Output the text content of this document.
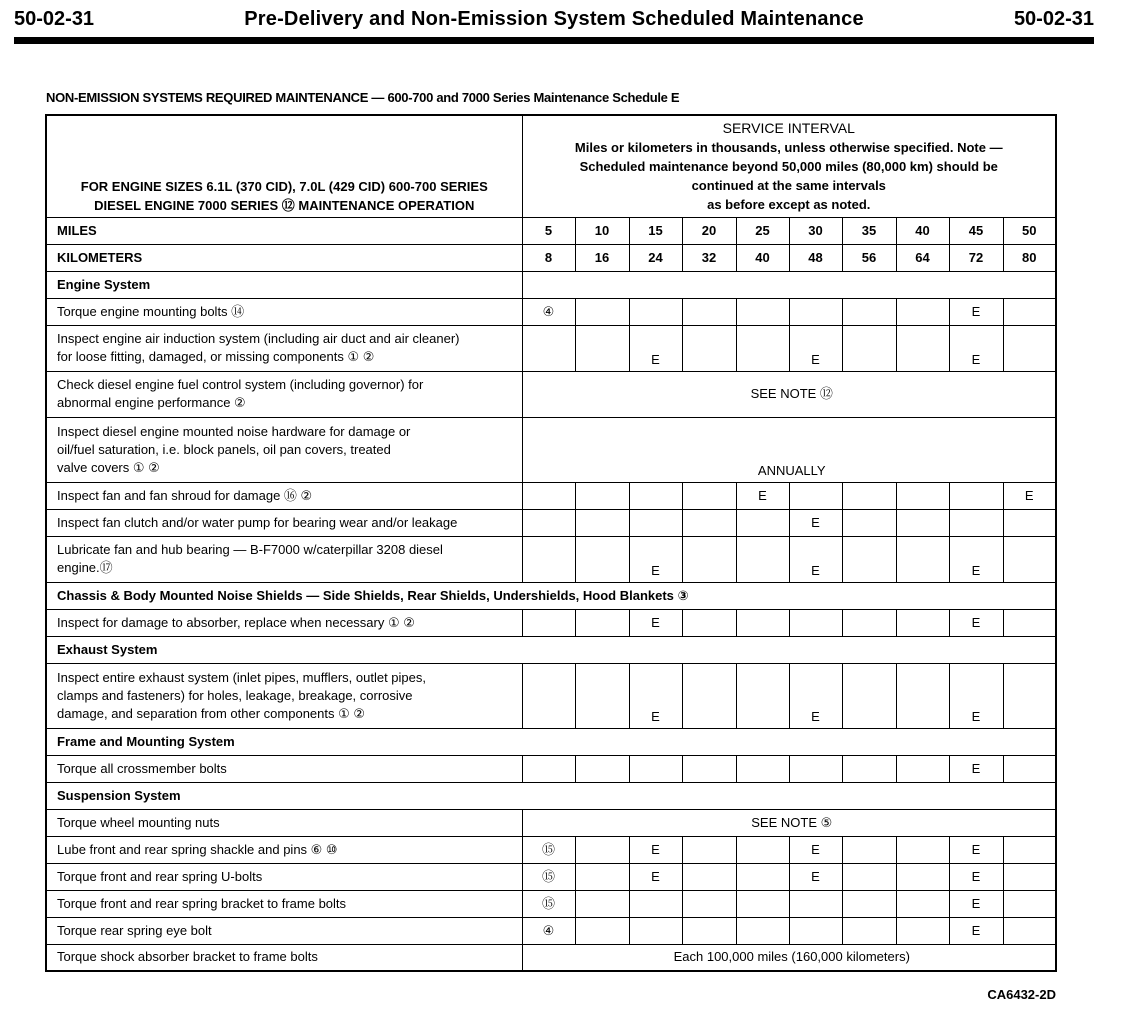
50-02-31	Pre-Delivery and Non-Emission System Scheduled Maintenance	50-02-31
NON-EMISSION SYSTEMS REQUIRED MAINTENANCE — 600-700 and 7000 Series Maintenance Schedule E
FOR ENGINE SIZES 6.1L (370 CID), 7.0L (429 CID) 600-700 SERIES DIESEL ENGINE 7000 SERIES ⑫ MAINTENANCE OPERATION	SERVICE INTERVAL
Miles or kilometers in thousands, unless otherwise specified. Note —
Scheduled maintenance beyond 50,000 miles (80,000 km) should be
continued at the same intervals
as before except as noted.									

MILES	5	10	15	20	25	30	35	40	45	50
KILOMETERS	8	16	24	32	40	48	56	64	72	80
Engine System										
Torque engine mounting bolts ⑭	④								E	

Inspect engine air induction system (including air duct and air cleaner)
for loose fitting, damaged, or missing components ① ②			E			E			E	

Check diesel engine fuel control system (including governor) for
abnormal engine performance ②	SEE NOTE ⑫									

Inspect diesel engine mounted noise hardware for damage or
oil/fuel saturation, i.e. block panels, oil pan covers, treated
valve covers ① ②	ANNUALLY									
Inspect fan and fan shroud for damage ⑯ ②					E					E
Inspect fan clutch and/or water pump for bearing wear and/or leakage						E				

Lubricate fan and hub bearing — B-F7000 w/caterpillar 3208 diesel
engine.⑰			E			E			E	
Chassis & Body Mounted Noise Shields — Side Shields, Rear Shields, Undershields, Hood Blankets ③										
Inspect for damage to absorber, replace when necessary ① ②			E						E	
Exhaust System										

Inspect entire exhaust system (inlet pipes, mufflers, outlet pipes,
clamps and fasteners) for holes, leakage, breakage, corrosive
damage, and separation from other components ① ②			E			E			E	
Frame and Mounting System										
Torque all crossmember bolts									E	
Suspension System										
Torque wheel mounting nuts	SEE NOTE ⑤									
Lube front and rear spring shackle and pins ⑥ ⑩	⑮		E			E			E	
Torque front and rear spring U-bolts	⑮		E			E			E	
Torque front and rear spring bracket to frame bolts	⑮								E	
Torque rear spring eye bolt	④								E	
Torque shock absorber bracket to frame bolts	Each 100,000 miles (160,000 kilometers)									
CA6432-2D
